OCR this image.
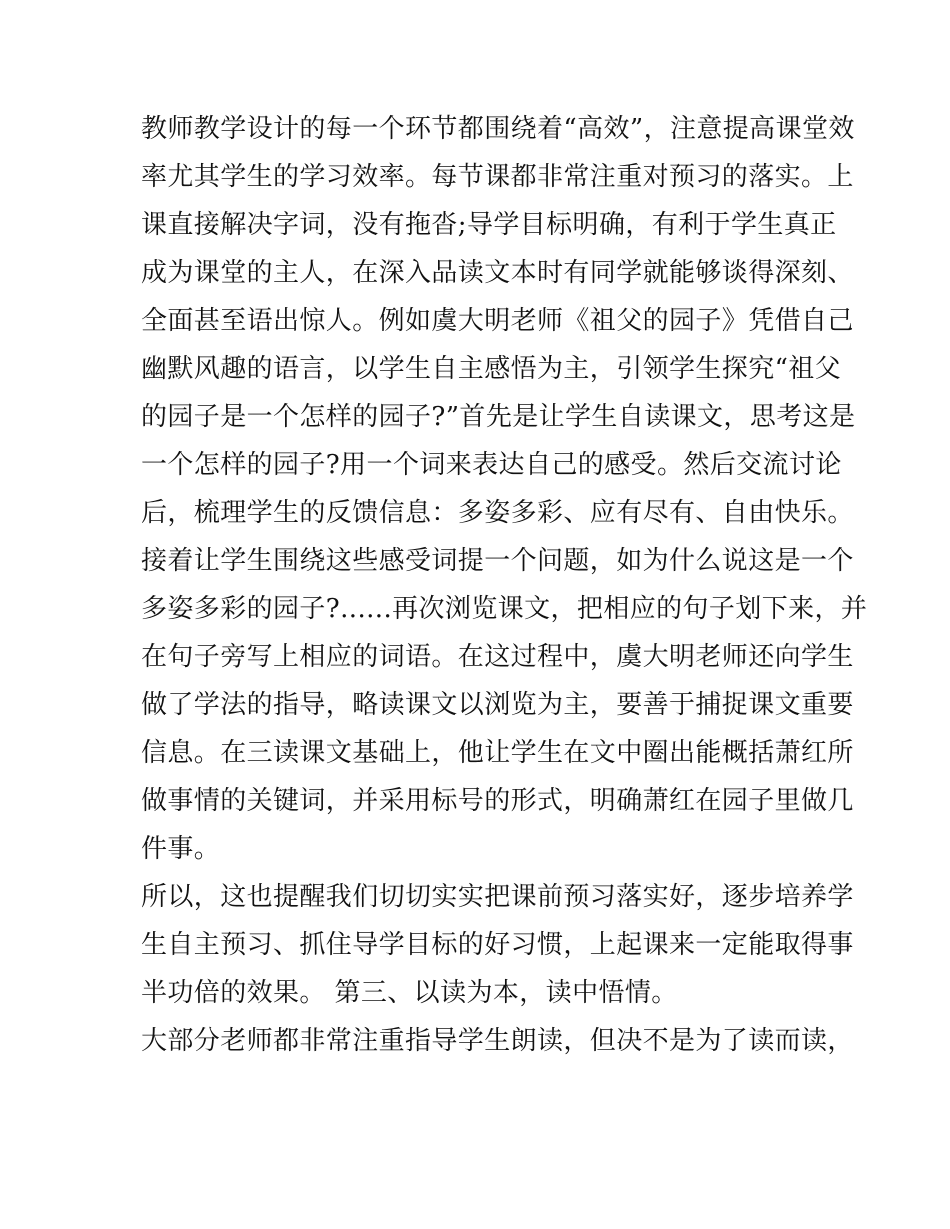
教师教学设计的每一个环节都围绕着“高效”，注意提高课堂效
率尤其学生的学习效率。每节课都非常注重对预习的落实。上
课直接解决字词，没有拖沓;导学目标明确，有利于学生真正
成为课堂的主人，在深入品读文本时有同学就能够谈得深刻、
全面甚至语出惊人。例如虞大明老师《祖父的园子》凭借自己
幽默风趣的语言，以学生自主感悟为主，引领学生探究“祖父
的园子是一个怎样的园子?”首先是让学生自读课文，思考这是
一个怎样的园子?用一个词来表达自己的感受。然后交流讨论
后，梳理学生的反馈信息：多姿多彩、应有尽有、自由快乐。
接着让学生围绕这些感受词提一个问题，如为什么说这是一个
多姿多彩的园子?......再次浏览课文，把相应的句子划下来，并
在句子旁写上相应的词语。在这过程中，虞大明老师还向学生
做了学法的指导，略读课文以浏览为主，要善于捕捉课文重要
信息。在三读课文基础上，他让学生在文中圈出能概括萧红所
做事情的关键词，并采用标号的形式，明确萧红在园子里做几
件事。
所以，这也提醒我们切切实实把课前预习落实好，逐步培养学
生自主预习、抓住导学目标的好习惯，上起课来一定能取得事
半功倍的效果。 第三、以读为本，读中悟情。
大部分老师都非常注重指导学生朗读，但决不是为了读而读，
